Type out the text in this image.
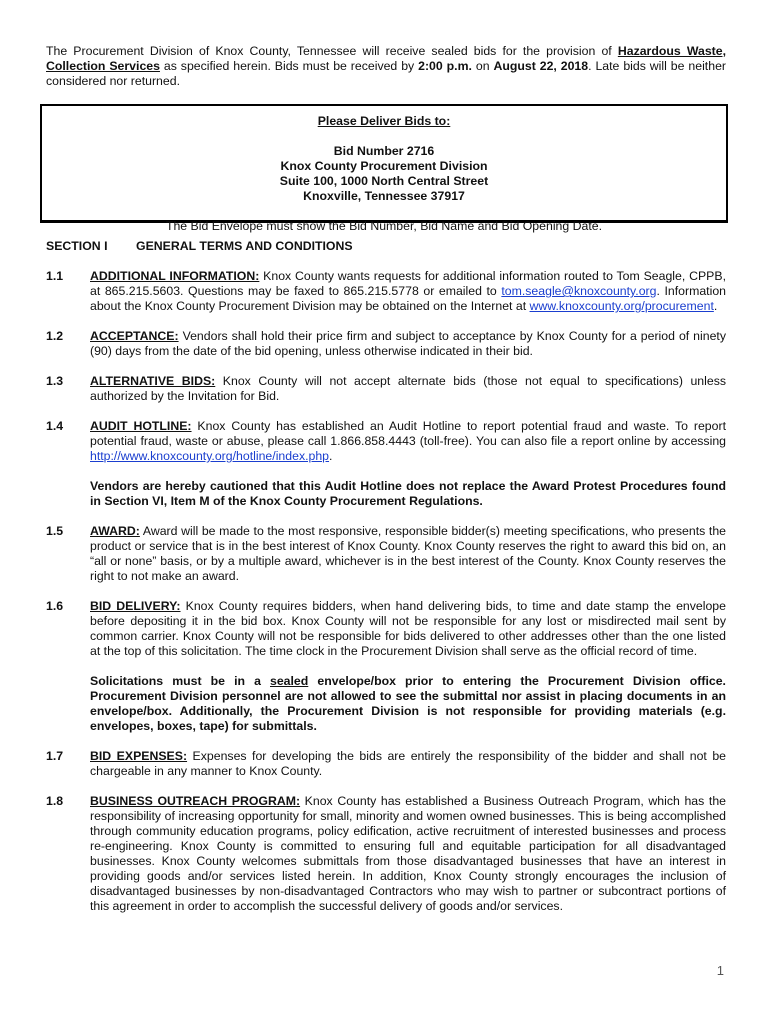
The Procurement Division of Knox County, Tennessee will receive sealed bids for the provision of Hazardous Waste, Collection Services as specified herein. Bids must be received by 2:00 p.m. on August 22, 2018. Late bids will be neither considered nor returned.

Please Deliver Bids to:
Bid Number 2716
Knox County Procurement Division
Suite 100, 1000 North Central Street
Knoxville, Tennessee 37917
The Bid Envelope must show the Bid Number, Bid Name and Bid Opening Date.
SECTION I	GENERAL TERMS AND CONDITIONS
1.1	ADDITIONAL INFORMATION: Knox County wants requests for additional information routed to Tom Seagle, CPPB, at 865.215.5603. Questions may be faxed to 865.215.5778 or emailed to tom.seagle@knoxcounty.org. Information about the Knox County Procurement Division may be obtained on the Internet at www.knoxcounty.org/procurement.

1.2	ACCEPTANCE: Vendors shall hold their price firm and subject to acceptance by Knox County for a period of ninety (90) days from the date of the bid opening, unless otherwise indicated in their bid.

1.3	ALTERNATIVE BIDS: Knox County will not accept alternate bids (those not equal to specifications) unless authorized by the Invitation for Bid.

1.4	AUDIT HOTLINE: Knox County has established an Audit Hotline to report potential fraud and waste. To report potential fraud, waste or abuse, please call 1.866.858.4443 (toll-free). You can also file a report online by accessing http://www.knoxcounty.org/hotline/index.php.

Vendors are hereby cautioned that this Audit Hotline does not replace the Award Protest Procedures found in Section VI, Item M of the Knox County Procurement Regulations.

1.5	AWARD: Award will be made to the most responsive, responsible bidder(s) meeting specifications, who presents the product or service that is in the best interest of Knox County. Knox County reserves the right to award this bid on, an “all or none” basis, or by a multiple award, whichever is in the best interest of the County. Knox County reserves the right to not make an award.

1.6	BID DELIVERY: Knox County requires bidders, when hand delivering bids, to time and date stamp the envelope before depositing it in the bid box. Knox County will not be responsible for any lost or misdirected mail sent by common carrier. Knox County will not be responsible for bids delivered to other addresses other than the one listed at the top of this solicitation. The time clock in the Procurement Division shall serve as the official record of time.

Solicitations must be in a sealed envelope/box prior to entering the Procurement Division office. Procurement Division personnel are not allowed to see the submittal nor assist in placing documents in an envelope/box. Additionally, the Procurement Division is not responsible for providing materials (e.g. envelopes, boxes, tape) for submittals.

1.7	BID EXPENSES: Expenses for developing the bids are entirely the responsibility of the bidder and shall not be chargeable in any manner to Knox County.

1.8	BUSINESS OUTREACH PROGRAM: Knox County has established a Business Outreach Program, which has the responsibility of increasing opportunity for small, minority and women owned businesses. This is being accomplished through community education programs, policy edification, active recruitment of interested businesses and process re-engineering. Knox County is committed to ensuring full and equitable participation for all disadvantaged businesses. Knox County welcomes submittals from those disadvantaged businesses that have an interest in providing goods and/or services listed herein. In addition, Knox County strongly encourages the inclusion of disadvantaged businesses by non-disadvantaged Contractors who may wish to partner or subcontract portions of this agreement in order to accomplish the successful delivery of goods and/or services.

1
